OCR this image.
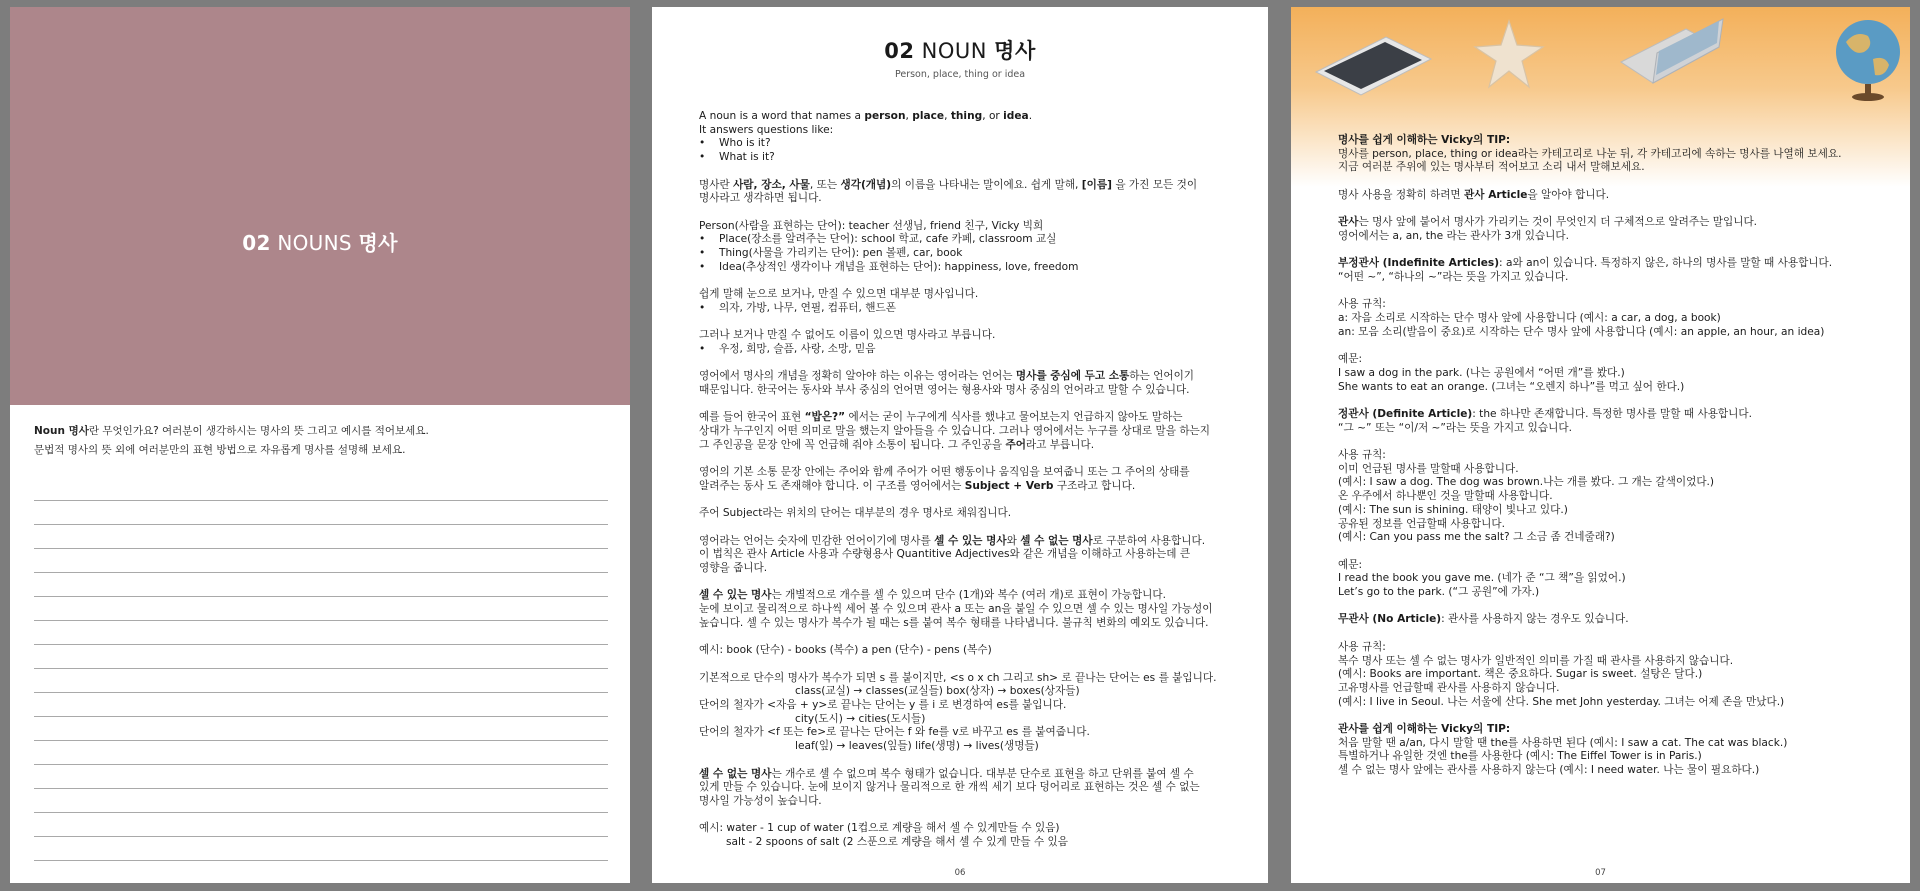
02 NOUNS 명사
Noun 명사란 무엇인가요? 여러분이 생각하시는 명사의 뜻 그리고 예시를 적어보세요.
문법적 명사의 뜻 외에 여러분만의 표현 방법으로 자유롭게 명사를 설명해 보세요.
02 NOUN 명사
Person, place, thing or idea
A noun is a word that names a person, place, thing, or idea.
It answers questions like:
• Who is it?
• What is it?
명사란 사람, 장소, 사물, 또는 생각(개념)의 이름을 나타내는 말이에요. 쉽게 말해, [이름] 을 가진 모든 것이
명사라고 생각하면 됩니다.
Person(사람을 표현하는 단어): teacher 선생님, friend 친구, Vicky 빅희
• Place(장소를 알려주는 단어): school 학교, cafe 카페, classroom 교실
• Thing(사물을 가리키는 단어): pen 볼펜, car, book
• Idea(추상적인 생각이나 개념을 표현하는 단어): happiness, love, freedom
쉽게 말해 눈으로 보거나, 만질 수 있으면 대부분 명사입니다.
• 의자, 가방, 나무, 연필, 컴퓨터, 핸드폰
그러나 보거나 만질 수 없어도 이름이 있으면 명사라고 부릅니다.
• 우정, 희망, 슬픔, 사랑, 소망, 믿음
영어에서 명사의 개념을 정확히 알아야 하는 이유는 영어라는 언어는 명사를 중심에 두고 소통하는 언어이기
때문입니다. 한국어는 동사와 부사 중심의 언어면 영어는 형용사와 명사 중심의 언어라고 말할 수 있습니다.
예를 들어 한국어 표현 “밥은?” 에서는 굳이 누구에게 식사를 했냐고 물어보는지 언급하지 않아도 말하는
상대가 누구인지 어떤 의미로 말을 했는지 알아들을 수 있습니다. 그러나 영어에서는 누구를 상대로 말을 하는지
그 주인공을 문장 안에 꼭 언급해 줘야 소통이 됩니다. 그 주인공을 주어라고 부릅니다.
영어의 기본 소통 문장 안에는 주어와 함께 주어가 어떤 행동이나 움직임을 보여줍니 또는 그 주어의 상태를
알려주는 동사 도 존재해야 합니다. 이 구조를 영어에서는 Subject + Verb 구조라고 합니다.
주어 Subject라는 위치의 단어는 대부분의 경우 명사로 채워집니다.
영어라는 언어는 숫자에 민감한 언어이기에 명사를 셀 수 있는 명사와 셀 수 없는 명사로 구분하여 사용합니다.
이 법칙은 관사 Article 사용과 수량형용사 Quantitive Adjectives와 같은 개념을 이해하고 사용하는데 큰
영향을 줍니다.
셀 수 있는 명사는 개별적으로 개수를 셀 수 있으며 단수 (1개)와 복수 (여러 개)로 표현이 가능합니다.
눈에 보이고 물리적으로 하나씩 세어 볼 수 있으며 관사 a 또는 an을 붙일 수 있으면 셀 수 있는 명사일 가능성이
높습니다. 셀 수 있는 명사가 복수가 될 때는 s를 붙여 복수 형태를 나타냅니다. 불규칙 변화의 예외도 있습니다.
예시: book (단수) - books (복수) a pen (단수) - pens (복수)
기본적으로 단수의 명사가 복수가 되면 s 를 붙이지만, <s o x ch 그리고 sh> 로 끝나는 단어는 es 를 붙입니다.
class(교실) → classes(교실들) box(상자) → boxes(상자들)
단어의 철자가 <자음 + y>로 끝나는 단어는 y 를 i 로 변경하여 es를 붙입니다.
city(도시) → cities(도시들)
단어의 철자가 <f 또는 fe>로 끝나는 단어는 f 와 fe를 v로 바꾸고 es 를 붙여줍니다.
leaf(잎) → leaves(잎들) life(생명) → lives(생명들)
셀 수 없는 명사는 개수로 셀 수 없으며 복수 형태가 없습니다. 대부분 단수로 표현을 하고 단위를 붙여 셀 수
있게 만들 수 있습니다. 눈에 보이지 않거나 물리적으로 한 개씩 세기 보다 덩어리로 표현하는 것은 셀 수 없는
명사일 가능성이 높습니다.
예시: water - 1 cup of water (1컵으로 계량을 해서 셀 수 있게만들 수 있음)
salt - 2 spoons of salt (2 스푼으로 계량을 해서 셀 수 있게 만들 수 있음
06
명사를 쉽게 이해하는 Vicky의 TIP:
명사를 person, place, thing or idea라는 카테고리로 나눈 뒤, 각 카테고리에 속하는 명사를 나열해 보세요.
지금 여러분 주위에 있는 명사부터 적어보고 소리 내서 말해보세요.
명사 사용을 정확히 하려면 관사 Article을 알아야 합니다.
관사는 명사 앞에 붙어서 명사가 가리키는 것이 무엇인지 더 구체적으로 알려주는 말입니다.
영어에서는 a, an, the 라는 관사가 3개 있습니다.
부정관사 (Indefinite Articles): a와 an이 있습니다. 특정하지 않은, 하나의 명사를 말할 때 사용합니다.
“어떤 ~”, “하나의 ~”라는 뜻을 가지고 있습니다.
사용 규칙:
a: 자음 소리로 시작하는 단수 명사 앞에 사용합니다 (예시: a car, a dog, a book)
an: 모음 소리(발음이 중요)로 시작하는 단수 명사 앞에 사용합니다 (예시: an apple, an hour, an idea)
예문:
I saw a dog in the park. (나는 공원에서 “어떤 개”를 봤다.)
She wants to eat an orange. (그녀는 “오렌지 하나”를 먹고 싶어 한다.)
정관사 (Definite Article): the 하나만 존재합니다. 특정한 명사를 말할 때 사용합니다.
“그 ~” 또는 “이/저 ~”라는 뜻을 가지고 있습니다.
사용 규칙:
이미 언급된 명사를 말할때 사용합니다.
(예시: I saw a dog. The dog was brown.나는 개를 봤다. 그 개는 갈색이었다.)
온 우주에서 하나뿐인 것을 말할때 사용합니다.
(예시: The sun is shining. 태양이 빛나고 있다.)
공유된 정보를 언급할때 사용합니다.
(예시: Can you pass me the salt? 그 소금 좀 건네줄래?)
예문:
I read the book you gave me. (네가 준 “그 책”을 읽었어.)
Let’s go to the park. (“그 공원”에 가자.)
무관사 (No Article): 관사를 사용하지 않는 경우도 있습니다.
사용 규칙:
복수 명사 또는 셀 수 없는 명사가 일반적인 의미를 가질 때 관사를 사용하지 않습니다.
(예시: Books are important. 책은 중요하다. Sugar is sweet. 설탕은 달다.)
고유명사를 언급할때 관사를 사용하지 않습니다.
(예시: I live in Seoul. 나는 서울에 산다. She met John yesterday. 그녀는 어제 존을 만났다.)
관사를 쉽게 이해하는 Vicky의 TIP:
처음 말할 땐 a/an, 다시 말할 땐 the를 사용하면 된다 (예시: I saw a cat. The cat was black.)
특별하거나 유일한 것엔 the를 사용한다 (예시: The Eiffel Tower is in Paris.)
셀 수 없는 명사 앞에는 관사를 사용하지 않는다 (예시: I need water. 나는 물이 필요하다.)
07
